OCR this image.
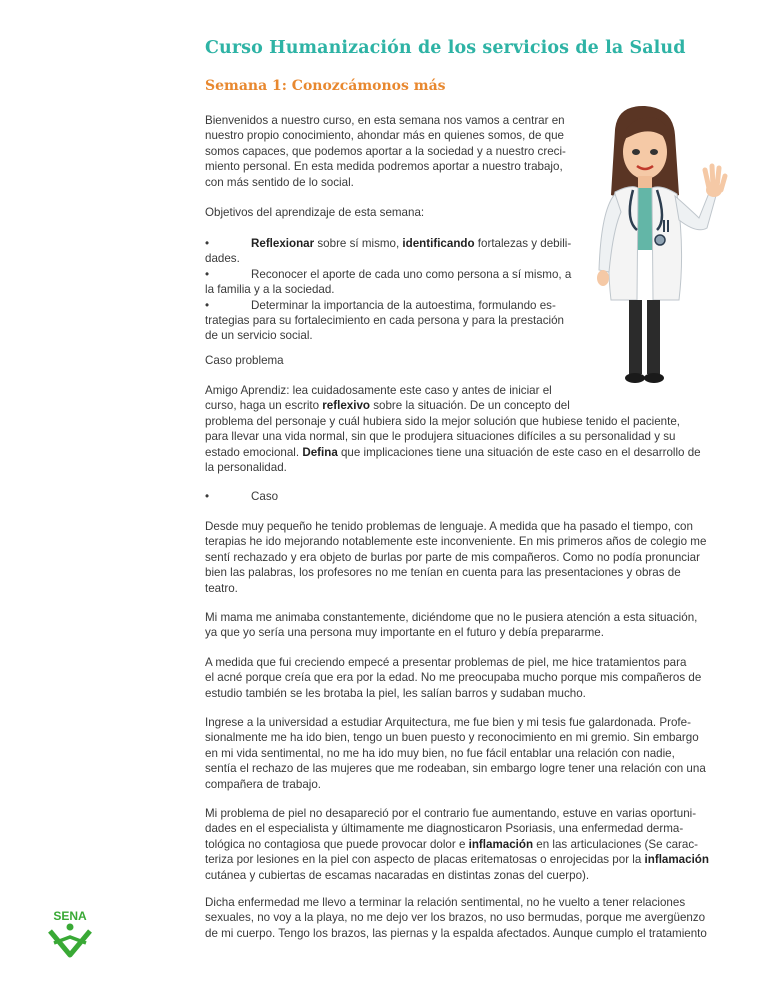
Curso Humanización de los servicios de la Salud
Semana 1: Conozcámonos más
Bienvenidos a nuestro curso, en esta semana nos vamos a centrar en
nuestro propio conocimiento, ahondar más en quienes somos, de que
somos capaces, que podemos aportar a la sociedad y a nuestro creci-
miento personal. En esta medida podremos aportar a nuestro trabajo,
con más sentido de lo social.
Objetivos del aprendizaje de esta semana:
•	Reflexionar sobre sí mismo, identificando fortalezas y debili-
dades.
•	Reconocer el aporte de cada uno como persona a sí mismo, a
la familia y a la sociedad.
•	Determinar la importancia de la autoestima, formulando es-
trategias para su fortalecimiento en cada persona y para la prestación
de un servicio social.
Caso problema
Amigo Aprendiz: lea cuidadosamente este caso y antes de iniciar el
curso, haga un escrito reflexivo sobre la situación. De un concepto del
problema del personaje y cuál hubiera sido la mejor solución que hubiese tenido el paciente,
para llevar una vida normal, sin que le produjera situaciones difíciles a su personalidad y su
estado emocional. Defina que implicaciones tiene una situación de este caso en el desarrollo de
la personalidad.
•	Caso
Desde muy pequeño he tenido problemas de lenguaje. A medida que ha pasado el tiempo, con
terapias he ido mejorando notablemente este inconveniente. En mis primeros años de colegio me
sentí rechazado y era objeto de burlas por parte de mis compañeros. Como no podía pronunciar
bien las palabras, los profesores no me tenían en cuenta para las presentaciones y obras de
teatro.
Mi mama me animaba constantemente, diciéndome que no le pusiera atención a esta situación,
ya que yo sería una persona muy importante en el futuro y debía prepararme.
A medida que fui creciendo empecé a presentar problemas de piel, me hice tratamientos para
el acné porque creía que era por la edad. No me preocupaba mucho porque mis compañeros de
estudio también se les brotaba la piel, les salían barros y sudaban mucho.
Ingrese a la universidad a estudiar Arquitectura, me fue bien y mi tesis fue galardonada. Profe-
sionalmente me ha ido bien, tengo un buen puesto y reconocimiento en mi gremio. Sin embargo
en mi vida sentimental, no me ha ido muy bien, no fue fácil entablar una relación con nadie,
sentía el rechazo de las mujeres que me rodeaban, sin embargo logre tener una relación con una
compañera de trabajo.
Mi problema de piel no desapareció por el contrario fue aumentando, estuve en varias oportuni-
dades en el especialista y últimamente me diagnosticaron Psoriasis, una enfermedad derma-
tológica no contagiosa que puede provocar dolor e inflamación en las articulaciones (Se carac-
teriza por lesiones en la piel con aspecto de placas eritematosas o enrojecidas por la inflamación
cutánea y cubiertas de escamas nacaradas en distintas zonas del cuerpo).
Dicha enfermedad me llevo a terminar la relación sentimental, no he vuelto a tener relaciones
sexuales, no voy a la playa, no me dejo ver los brazos, no uso bermudas, porque me avergüenzo
de mi cuerpo. Tengo los brazos, las piernas y la espalda afectados. Aunque cumplo el tratamiento
SENA
